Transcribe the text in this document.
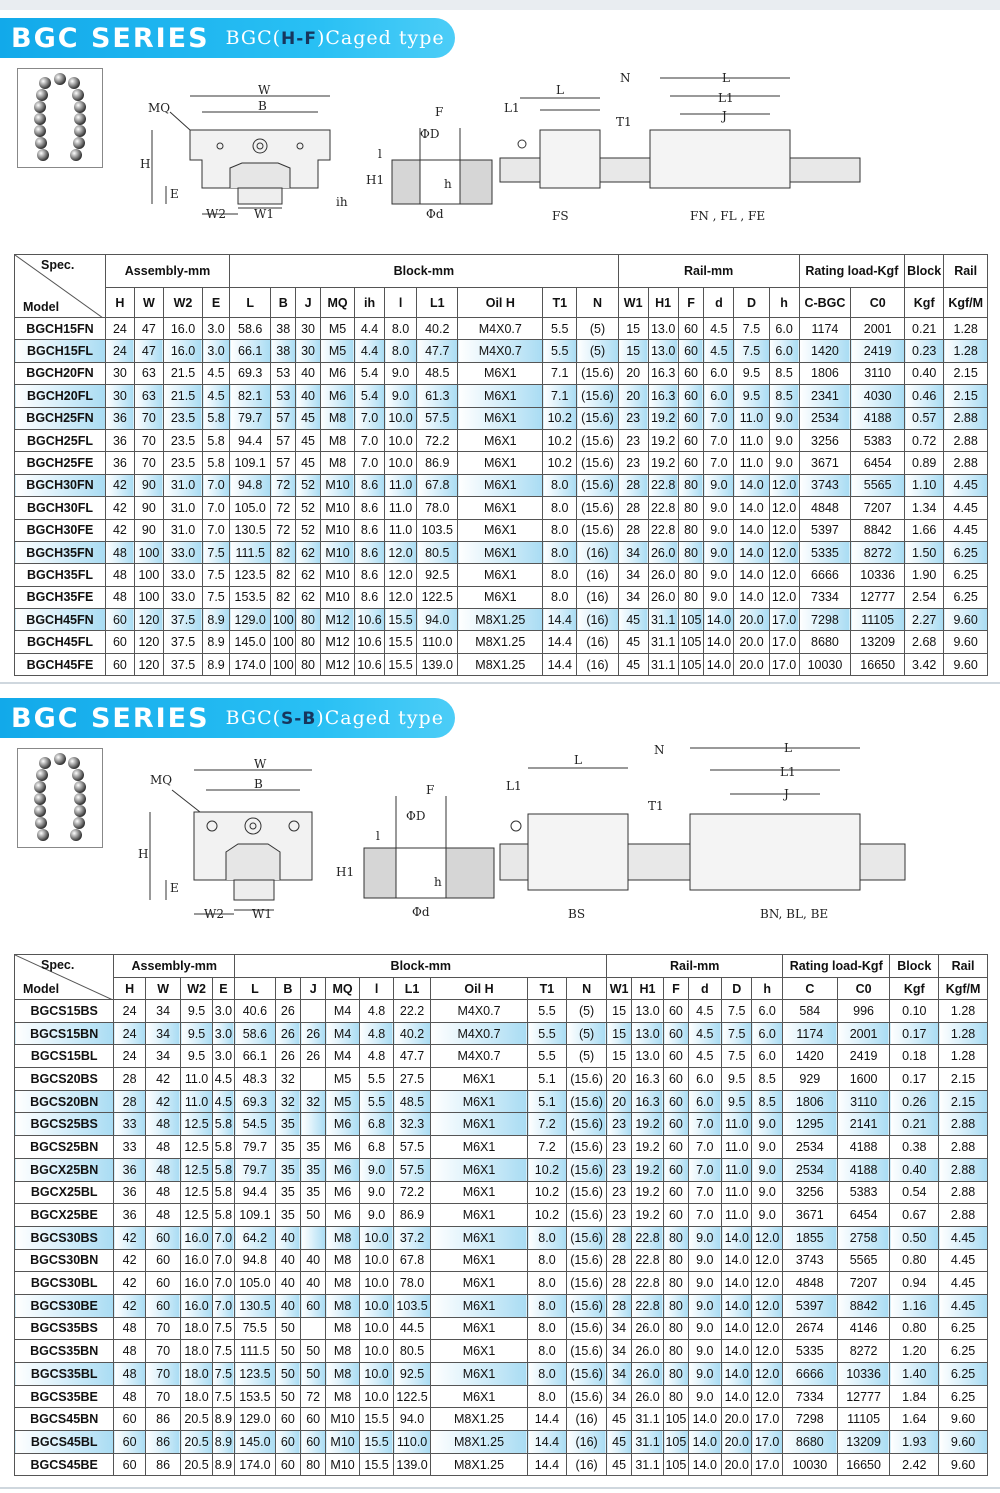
BGC SERIES BGC(H-F)Caged type
W
B
MQ
H
E
W2 W1
ih
F
ΦD
H1	h
Φd
l
L1
L
N
T1
L
L1
J
FS	FN , FL , FE
Spec.
Model	Assembly-mm				Block-mm										Rail-mm						Rating load-Kgf		Block	Rail
	H	W	W2	E	L	B	J	MQ	ih	l	L1	Oil H	T1	N	W1	H1	F	d	D	h	C-BGC	C0	Kgf	Kgf/M
BGCH15FN	24	47	16.0	3.0	58.6	38	30	M5	4.4	8.0	40.2	M4X0.7	5.5	(5)	15	13.0	60	4.5	7.5	6.0	1174	2001	0.21	1.28
BGCH15FL	24	47	16.0	3.0	66.1	38	30	M5	4.4	8.0	47.7	M4X0.7	5.5	(5)	15	13.0	60	4.5	7.5	6.0	1420	2419	0.23	1.28
BGCH20FN	30	63	21.5	4.5	69.3	53	40	M6	5.4	9.0	48.5	M6X1	7.1	(15.6)	20	16.3	60	6.0	9.5	8.5	1806	3110	0.40	2.15
BGCH20FL	30	63	21.5	4.5	82.1	53	40	M6	5.4	9.0	61.3	M6X1	7.1	(15.6)	20	16.3	60	6.0	9.5	8.5	2341	4030	0.46	2.15
BGCH25FN	36	70	23.5	5.8	79.7	57	45	M8	7.0	10.0	57.5	M6X1	10.2	(15.6)	23	19.2	60	7.0	11.0	9.0	2534	4188	0.57	2.88
BGCH25FL	36	70	23.5	5.8	94.4	57	45	M8	7.0	10.0	72.2	M6X1	10.2	(15.6)	23	19.2	60	7.0	11.0	9.0	3256	5383	0.72	2.88
BGCH25FE	36	70	23.5	5.8	109.1	57	45	M8	7.0	10.0	86.9	M6X1	10.2	(15.6)	23	19.2	60	7.0	11.0	9.0	3671	6454	0.89	2.88
BGCH30FN	42	90	31.0	7.0	94.8	72	52	M10	8.6	11.0	67.8	M6X1	8.0	(15.6)	28	22.8	80	9.0	14.0	12.0	3743	5565	1.10	4.45
BGCH30FL	42	90	31.0	7.0	105.0	72	52	M10	8.6	11.0	78.0	M6X1	8.0	(15.6)	28	22.8	80	9.0	14.0	12.0	4848	7207	1.34	4.45
BGCH30FE	42	90	31.0	7.0	130.5	72	52	M10	8.6	11.0	103.5	M6X1	8.0	(15.6)	28	22.8	80	9.0	14.0	12.0	5397	8842	1.66	4.45
BGCH35FN	48	100	33.0	7.5	111.5	82	62	M10	8.6	12.0	80.5	M6X1	8.0	(16)	34	26.0	80	9.0	14.0	12.0	5335	8272	1.50	6.25
BGCH35FL	48	100	33.0	7.5	123.5	82	62	M10	8.6	12.0	92.5	M6X1	8.0	(16)	34	26.0	80	9.0	14.0	12.0	6666	10336	1.90	6.25
BGCH35FE	48	100	33.0	7.5	153.5	82	62	M10	8.6	12.0	122.5	M6X1	8.0	(16)	34	26.0	80	9.0	14.0	12.0	7334	12777	2.54	6.25
BGCH45FN	60	120	37.5	8.9	129.0	100	80	M12	10.6	15.5	94.0	M8X1.25	14.4	(16)	45	31.1	105	14.0	20.0	17.0	7298	11105	2.27	9.60
BGCH45FL	60	120	37.5	8.9	145.0	100	80	M12	10.6	15.5	110.0	M8X1.25	14.4	(16)	45	31.1	105	14.0	20.0	17.0	8680	13209	2.68	9.60
BGCH45FE	60	120	37.5	8.9	174.0	100	80	M12	10.6	15.5	139.0	M8X1.25	14.4	(16)	45	31.1	105	14.0	20.0	17.0	10030	16650	3.42	9.60
BGC SERIES BGC(S-B)Caged type
W
B
MQ
H
E
W2 W1
F
ΦD
H1
h
Φd
l
L1
L
N
T1
L
L1
J
BS	BN, BL, BE
Spec.
Model	Assembly-mm				Block-mm									Rail-mm						Rating load-Kgf		Block	Rail
	H	W	W2	E	L	B	J	MQ	l	L1	Oil H	T1	N	W1	H1	F	d	D	h	C	C0	Kgf	Kgf/M
BGCS15BS	24	34	9.5	3.0	40.6	26		M4	4.8	22.2	M4X0.7	5.5	(5)	15	13.0	60	4.5	7.5	6.0	584	996	0.10	1.28
BGCS15BN	24	34	9.5	3.0	58.6	26	26	M4	4.8	40.2	M4X0.7	5.5	(5)	15	13.0	60	4.5	7.5	6.0	1174	2001	0.17	1.28
BGCS15BL	24	34	9.5	3.0	66.1	26	26	M4	4.8	47.7	M4X0.7	5.5	(5)	15	13.0	60	4.5	7.5	6.0	1420	2419	0.18	1.28
BGCS20BS	28	42	11.0	4.5	48.3	32		M5	5.5	27.5	M6X1	5.1	(15.6)	20	16.3	60	6.0	9.5	8.5	929	1600	0.17	2.15
BGCS20BN	28	42	11.0	4.5	69.3	32	32	M5	5.5	48.5	M6X1	5.1	(15.6)	20	16.3	60	6.0	9.5	8.5	1806	3110	0.26	2.15
BGCS25BS	33	48	12.5	5.8	54.5	35		M6	6.8	32.3	M6X1	7.2	(15.6)	23	19.2	60	7.0	11.0	9.0	1295	2141	0.21	2.88
BGCS25BN	33	48	12.5	5.8	79.7	35	35	M6	6.8	57.5	M6X1	7.2	(15.6)	23	19.2	60	7.0	11.0	9.0	2534	4188	0.38	2.88
BGCX25BN	36	48	12.5	5.8	79.7	35	35	M6	9.0	57.5	M6X1	10.2	(15.6)	23	19.2	60	7.0	11.0	9.0	2534	4188	0.40	2.88
BGCX25BL	36	48	12.5	5.8	94.4	35	35	M6	9.0	72.2	M6X1	10.2	(15.6)	23	19.2	60	7.0	11.0	9.0	3256	5383	0.54	2.88
BGCX25BE	36	48	12.5	5.8	109.1	35	50	M6	9.0	86.9	M6X1	10.2	(15.6)	23	19.2	60	7.0	11.0	9.0	3671	6454	0.67	2.88
BGCS30BS	42	60	16.0	7.0	64.2	40		M8	10.0	37.2	M6X1	8.0	(15.6)	28	22.8	80	9.0	14.0	12.0	1855	2758	0.50	4.45
BGCS30BN	42	60	16.0	7.0	94.8	40	40	M8	10.0	67.8	M6X1	8.0	(15.6)	28	22.8	80	9.0	14.0	12.0	3743	5565	0.80	4.45
BGCS30BL	42	60	16.0	7.0	105.0	40	40	M8	10.0	78.0	M6X1	8.0	(15.6)	28	22.8	80	9.0	14.0	12.0	4848	7207	0.94	4.45
BGCS30BE	42	60	16.0	7.0	130.5	40	60	M8	10.0	103.5	M6X1	8.0	(15.6)	28	22.8	80	9.0	14.0	12.0	5397	8842	1.16	4.45
BGCS35BS	48	70	18.0	7.5	75.5	50		M8	10.0	44.5	M6X1	8.0	(15.6)	34	26.0	80	9.0	14.0	12.0	2674	4146	0.80	6.25
BGCS35BN	48	70	18.0	7.5	111.5	50	50	M8	10.0	80.5	M6X1	8.0	(15.6)	34	26.0	80	9.0	14.0	12.0	5335	8272	1.20	6.25
BGCS35BL	48	70	18.0	7.5	123.5	50	50	M8	10.0	92.5	M6X1	8.0	(15.6)	34	26.0	80	9.0	14.0	12.0	6666	10336	1.40	6.25
BGCS35BE	48	70	18.0	7.5	153.5	50	72	M8	10.0	122.5	M6X1	8.0	(15.6)	34	26.0	80	9.0	14.0	12.0	7334	12777	1.84	6.25
BGCS45BN	60	86	20.5	8.9	129.0	60	60	M10	15.5	94.0	M8X1.25	14.4	(16)	45	31.1	105	14.0	20.0	17.0	7298	11105	1.64	9.60
BGCS45BL	60	86	20.5	8.9	145.0	60	60	M10	15.5	110.0	M8X1.25	14.4	(16)	45	31.1	105	14.0	20.0	17.0	8680	13209	1.93	9.60
BGCS45BE	60	86	20.5	8.9	174.0	60	80	M10	15.5	139.0	M8X1.25	14.4	(16)	45	31.1	105	14.0	20.0	17.0	10030	16650	2.42	9.60
